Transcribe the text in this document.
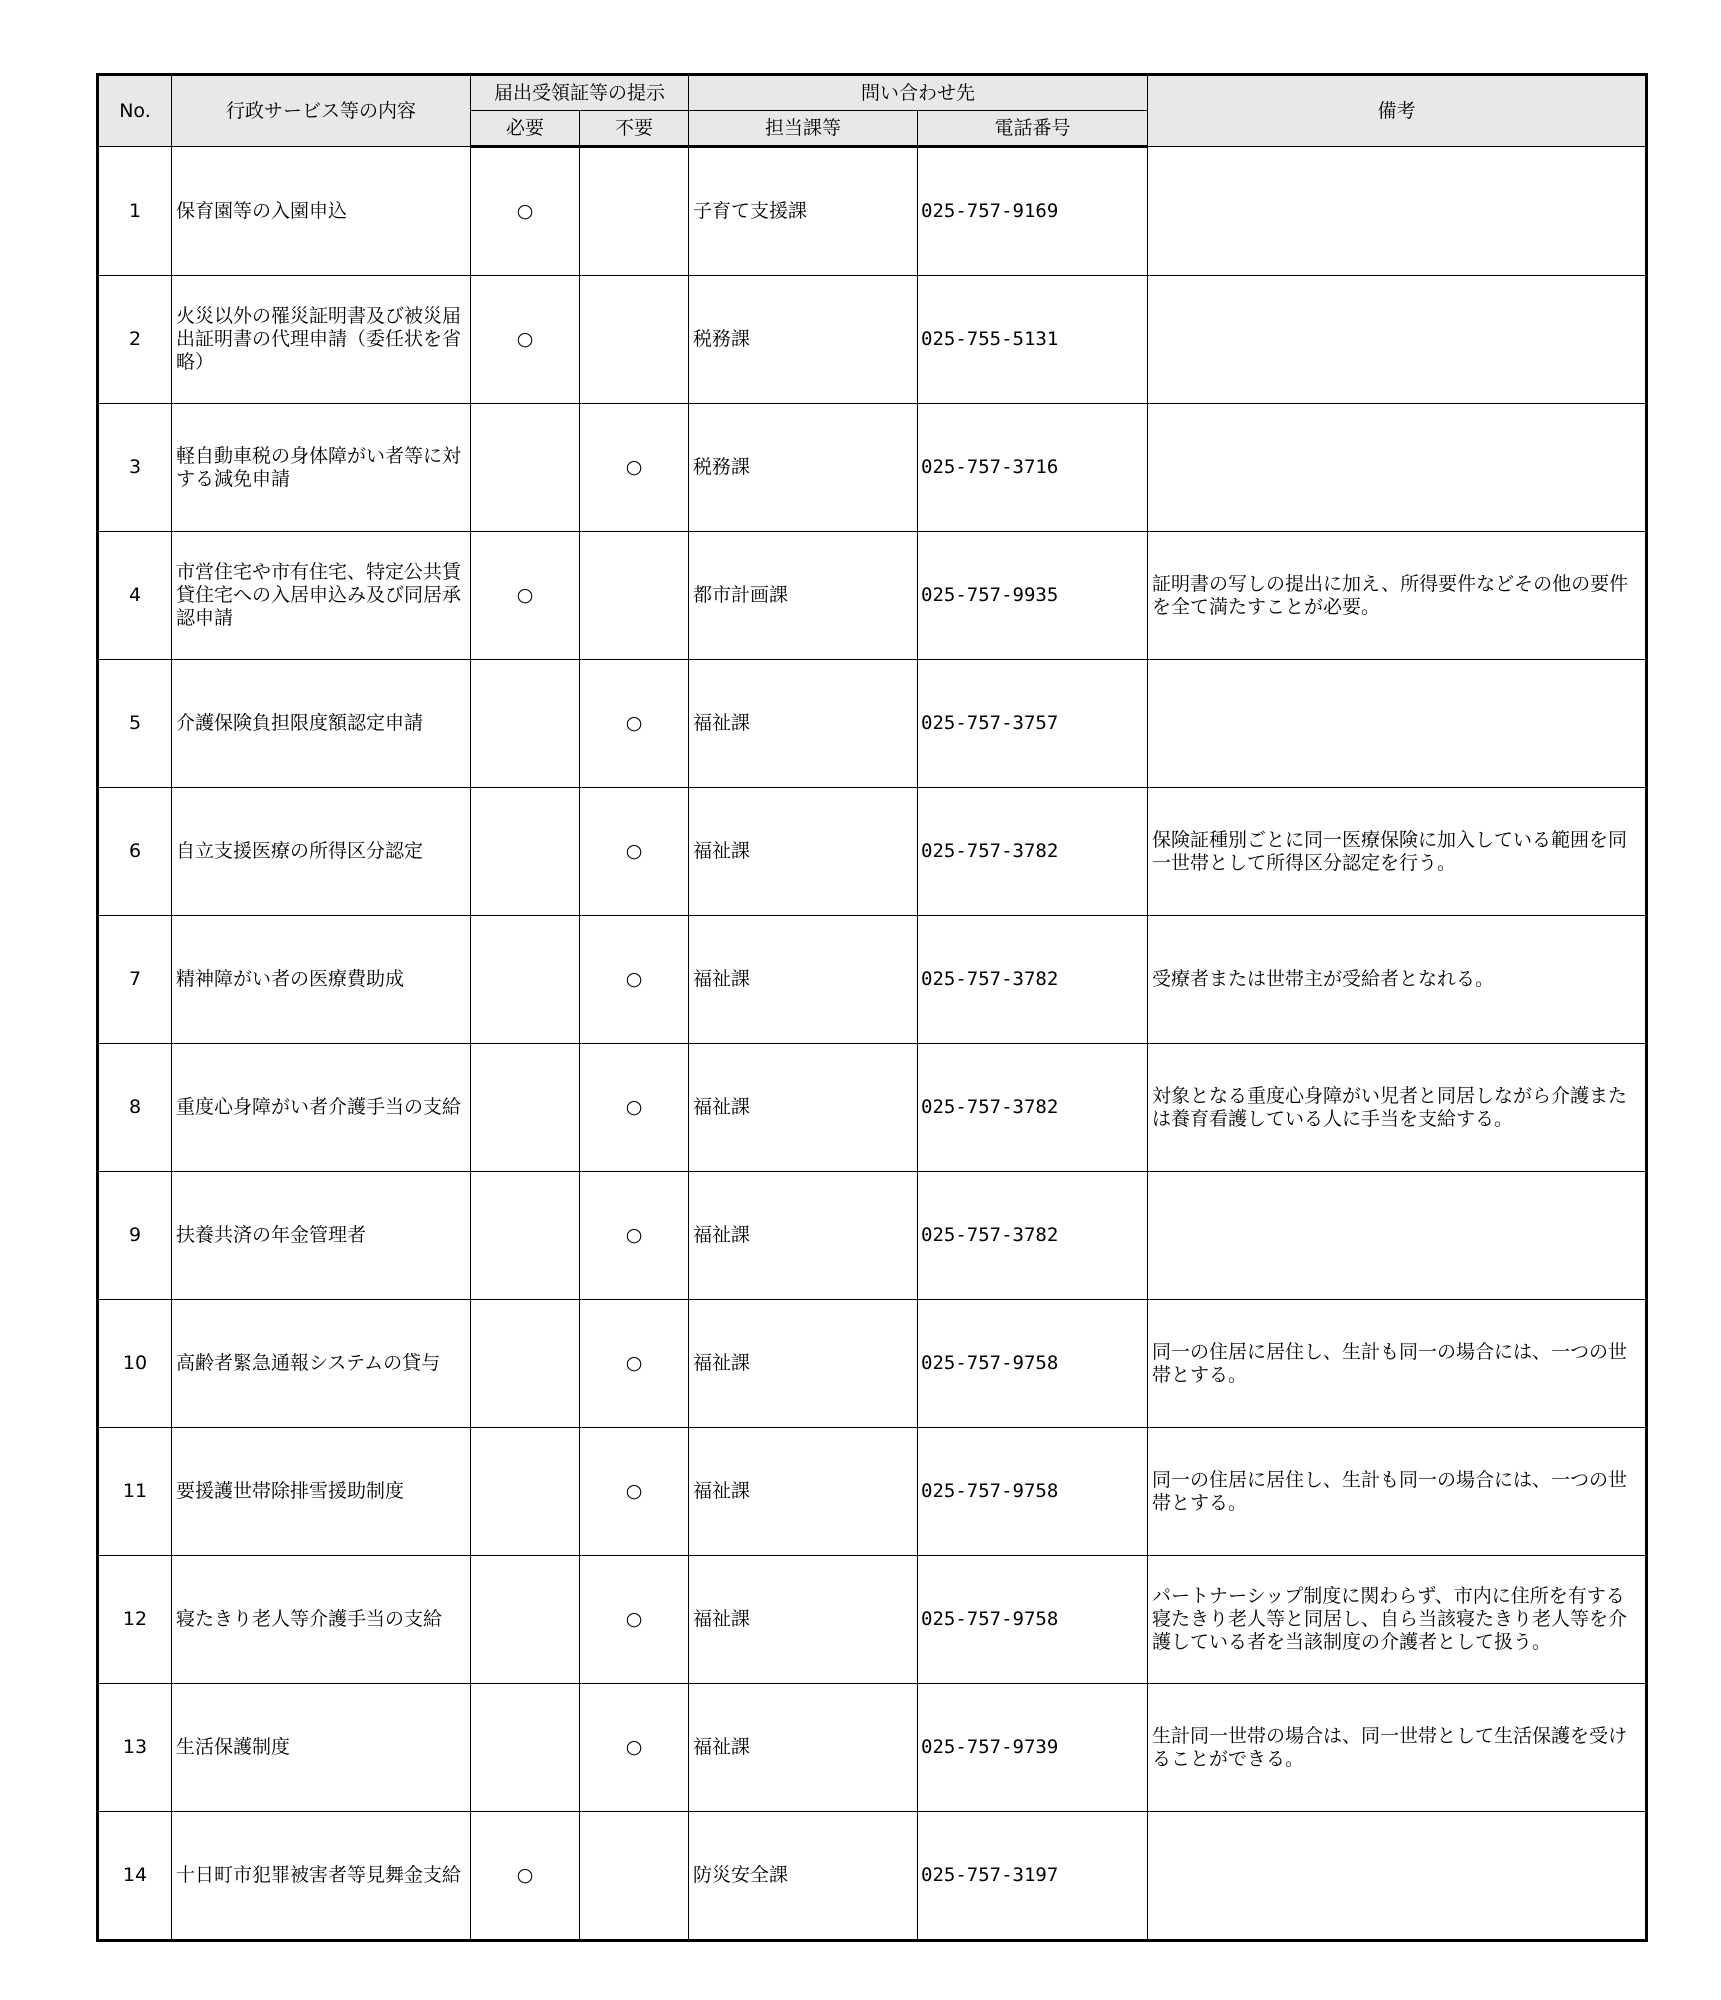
No.	行政サービス等の内容	届出受領証等の提示		問い合わせ先		備考
		必要	不要	担当課等	電話番号	
1	保育園等の入園申込	○		子育て支援課	025-757-9169	
2	火災以外の罹災証明書及び被災届出証明書の代理申請（委任状を省略）	○		税務課	025-755-5131	
3	軽自動車税の身体障がい者等に対する減免申請		○	税務課	025-757-3716	
4	市営住宅や市有住宅、特定公共賃貸住宅への入居申込み及び同居承認申請	○		都市計画課	025-757-9935	証明書の写しの提出に加え、所得要件などその他の要件を全て満たすことが必要。
5	介護保険負担限度額認定申請		○	福祉課	025-757-3757	
6	自立支援医療の所得区分認定		○	福祉課	025-757-3782	保険証種別ごとに同一医療保険に加入している範囲を同一世帯として所得区分認定を行う。
7	精神障がい者の医療費助成		○	福祉課	025-757-3782	受療者または世帯主が受給者となれる。
8	重度心身障がい者介護手当の支給		○	福祉課	025-757-3782	対象となる重度心身障がい児者と同居しながら介護または養育看護している人に手当を支給する。
9	扶養共済の年金管理者		○	福祉課	025-757-3782	
10	高齢者緊急通報システムの貸与		○	福祉課	025-757-9758	同一の住居に居住し、生計も同一の場合には、一つの世帯とする。
11	要援護世帯除排雪援助制度		○	福祉課	025-757-9758	同一の住居に居住し、生計も同一の場合には、一つの世帯とする。
12	寝たきり老人等介護手当の支給		○	福祉課	025-757-9758	パートナーシップ制度に関わらず、市内に住所を有する寝たきり老人等と同居し、自ら当該寝たきり老人等を介護している者を当該制度の介護者として扱う。
13	生活保護制度		○	福祉課	025-757-9739	生計同一世帯の場合は、同一世帯として生活保護を受けることができる。
14	十日町市犯罪被害者等見舞金支給	○		防災安全課	025-757-3197	
